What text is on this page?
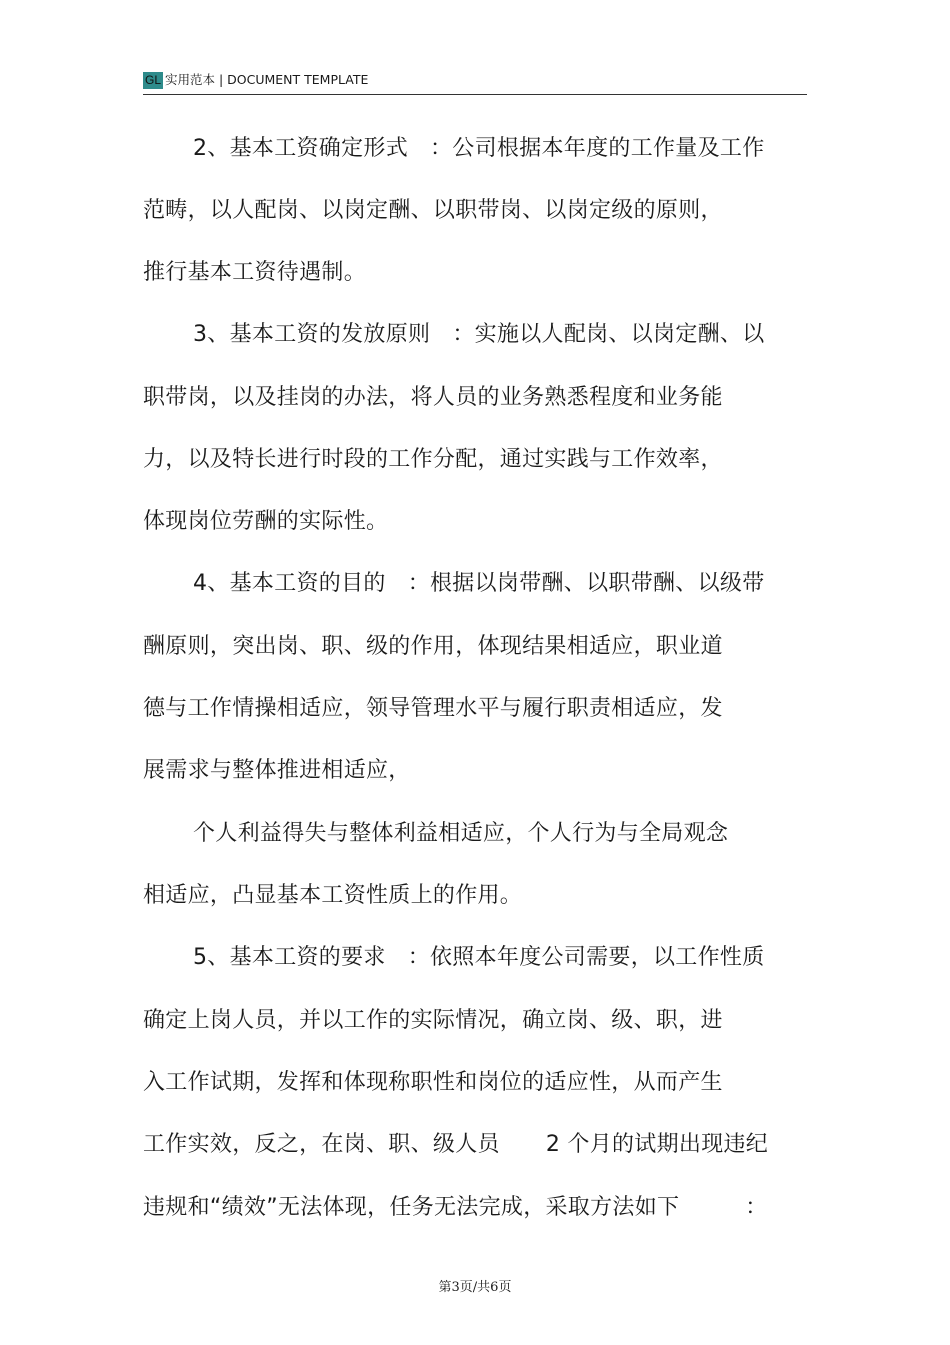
GL 实用范本 | DOCUMENT TEMPLATE
2、基本工资确定形式 ：公司根据本年度的工作量及工作
范畴，以人配岗、以岗定酬、以职带岗、以岗定级的原则，
推行基本工资待遇制。
3、基本工资的发放原则 ：实施以人配岗、以岗定酬、以
职带岗，以及挂岗的办法，将人员的业务熟悉程度和业务能
力，以及特长进行时段的工作分配，通过实践与工作效率，
体现岗位劳酬的实际性。
4、基本工资的目的 ：根据以岗带酬、以职带酬、以级带
酬原则，突出岗、职、级的作用，体现结果相适应，职业道
德与工作情操相适应，领导管理水平与履行职责相适应，发
展需求与整体推进相适应，
个人利益得失与整体利益相适应，个人行为与全局观念
相适应，凸显基本工资性质上的作用。
5、基本工资的要求 ：依照本年度公司需要，以工作性质
确定上岗人员，并以工作的实际情况，确立岗、级、职，进
入工作试期，发挥和体现称职性和岗位的适应性，从而产生
工作实效，反之，在岗、职、级人员 2 个月的试期出现违纪
违规和“绩效”无法体现，任务无法完成，采取方法如下	：
第3页/共6页
